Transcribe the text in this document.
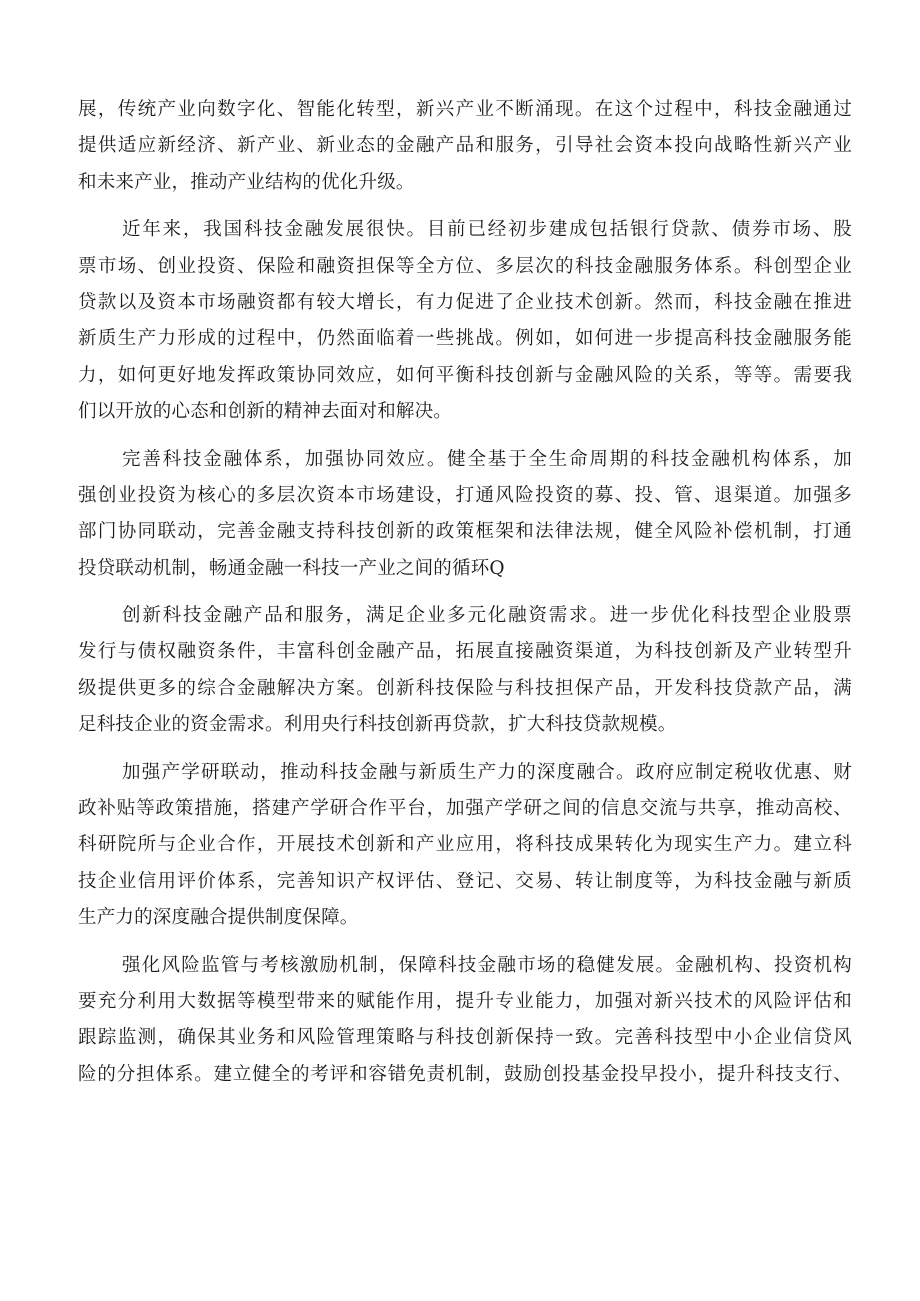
展，传统产业向数字化、智能化转型，新兴产业不断涌现。在这个过程中，科技金融通过
提供适应新经济、新产业、新业态的金融产品和服务，引导社会资本投向战略性新兴产业
和未来产业，推动产业结构的优化升级。
近年来，我国科技金融发展很快。目前已经初步建成包括银行贷款、债券市场、股
票市场、创业投资、保险和融资担保等全方位、多层次的科技金融服务体系。科创型企业
贷款以及资本市场融资都有较大增长，有力促进了企业技术创新。然而，科技金融在推进
新质生产力形成的过程中，仍然面临着一些挑战。例如，如何进一步提高科技金融服务能
力，如何更好地发挥政策协同效应，如何平衡科技创新与金融风险的关系，等等。需要我
们以开放的心态和创新的精神去面对和解决。
完善科技金融体系，加强协同效应。健全基于全生命周期的科技金融机构体系，加
强创业投资为核心的多层次资本市场建设，打通风险投资的募、投、管、退渠道。加强多
部门协同联动，完善金融支持科技创新的政策框架和法律法规，健全风险补偿机制，打通
投贷联动机制，畅通金融一科技一产业之间的循环Q
创新科技金融产品和服务，满足企业多元化融资需求。进一步优化科技型企业股票
发行与债权融资条件，丰富科创金融产品，拓展直接融资渠道，为科技创新及产业转型升
级提供更多的综合金融解决方案。创新科技保险与科技担保产品，开发科技贷款产品，满
足科技企业的资金需求。利用央行科技创新再贷款，扩大科技贷款规模。
加强产学研联动，推动科技金融与新质生产力的深度融合。政府应制定税收优惠、财
政补贴等政策措施，搭建产学研合作平台，加强产学研之间的信息交流与共享，推动高校、
科研院所与企业合作，开展技术创新和产业应用，将科技成果转化为现实生产力。建立科
技企业信用评价体系，完善知识产权评估、登记、交易、转让制度等，为科技金融与新质
生产力的深度融合提供制度保障。
强化风险监管与考核激励机制，保障科技金融市场的稳健发展。金融机构、投资机构
要充分利用大数据等模型带来的赋能作用，提升专业能力，加强对新兴技术的风险评估和
跟踪监测，确保其业务和风险管理策略与科技创新保持一致。完善科技型中小企业信贷风
险的分担体系。建立健全的考评和容错免责机制，鼓励创投基金投早投小，提升科技支行、
